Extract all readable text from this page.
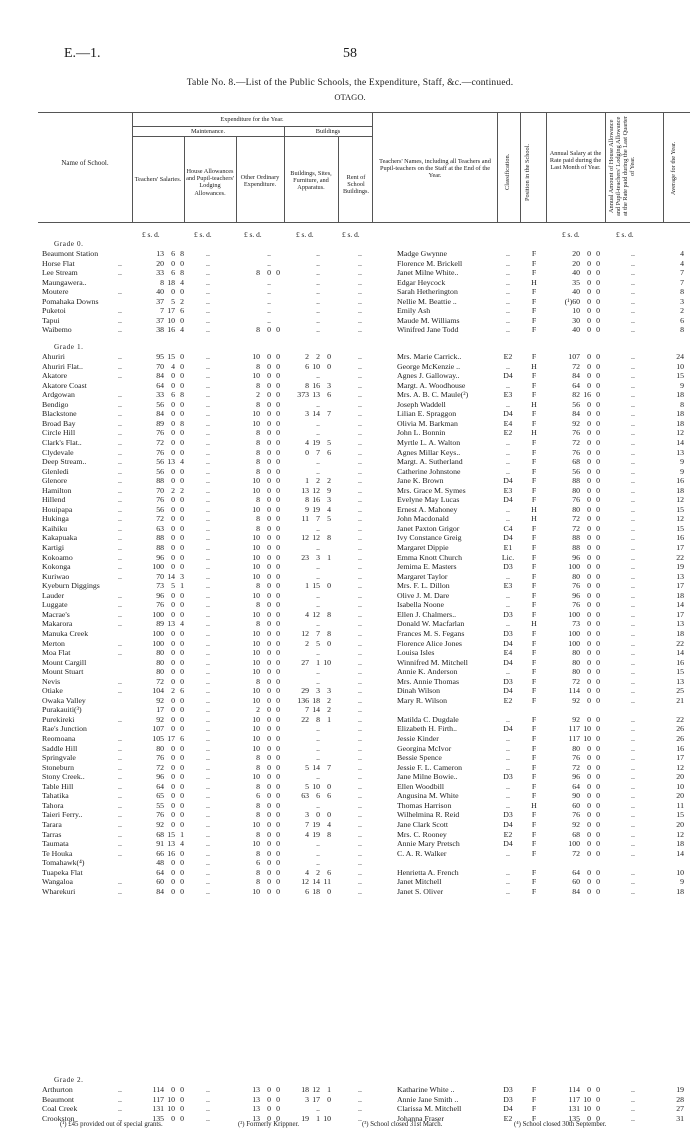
E.—1.	58
Table No. 8.—List of the Public Schools, the Expenditure, Staff, &c.—continued.
OTAGO.
Expenditure for the Year.
Maintenance.	Buildings
Name of School.
Teachers' Salaries.
House Allowances and Pupil-teachers' Lodging Allowances.
Other Ordinary Expenditure.
Buildings, Sites, Furniture, and Apparatus.
Rent of School Buildings.
Teachers' Names, including all Teachers and Pupil-teachers on the Staff at the End of the Year.	Classification.	Position in the School.	Annual Salary at the Rate paid during the Last Month of Year.	Annual Amount of House Allowance and Pupil-teachers' Lodging Allowance at the Rate paid during the Last Quarter of Year.	Average for the Year.
£ s. d.	£ s. d.	£ s. d.	£ s. d.	£ s. d.	£ s. d.	£ s. d.
Grade 0.
Beaumont Station	13 6 8	..	..	..	..	Madge Gwynne	..	F	20 0 0	..	4
Horse Flat	..	20 0 0	..	..	..	..	Florence M. Brickell	..	F	20 0 0	..	4
Lee Stream	..	33 6 8	..	8 0 0	..	..	Janet Milne White..	..	F	40 0 0	..	7
Maungawera..	8 18 4	..	..	..	..	Edgar Heycock	..	H	35 0 0	..	7
Moutere	..	40 0 0	..	..	..	..	Sarah Hetherington	..	F	40 0 0	..	8
Pomahaka Downs	37 5 2	..	..	..	..	Nellie M. Beattie ..	..	F	(¹)60 0 0	..	3
Puketoi	..	7 17 6	..	..	..	..	Emily Ash	..	F	10 0 0	..	2
Tapui	..	37 10 0	..	..	..	..	Maude M. Williams	..	F	30 0 0	..	6
Waibemo	..	38 16 4	..	8 0 0	..	..	Winifred Jane Todd	..	F	40 0 0	..	8
Grade 1.
Ahuriri	..	95 15 0	..	10 0 0	2 2 0	..	Mrs. Marie Carrick..	E2	F	107 0 0	..	24
Ahuriri Flat..	..	70 4 0	..	8 0 0	6 10 0	..	George McKenzie ..	..	H	72 0 0	..	10
Akatore	..	84 0 0	..	10 0 0	..	..	Agnes J. Galloway..	D4	F	84 0 0	..	15
Akatore Coast	64 0 0	..	8 0 0	8 16 3	..	Margt. A. Woodhouse	..	F	64 0 0	..	9
Ardgowan	..	33 6 8	..	2 0 0	373 13 6	..	Mrs. A. B. C. Maule(²)	E3	F	82 16 0	..	18
Bendigo	..	56 0 0	..	8 0 0	..	..	Joseph Waddell	..	H	56 0 0	..	8
Blackstone	..	84 0 0	..	10 0 0	3 14 7	..	Lilian E. Spraggon	D4	F	84 0 0	..	18
Broad Bay	..	89 0 8	..	10 0 0	..	..	Olivia M. Barkman	E4	F	92 0 0	..	18
Circle Hill	..	76 0 0	..	8 0 0	..	..	John L. Bonnin	E2	H	76 0 0	..	12
Clark's Flat..	..	72 0 0	..	8 0 0	4 19 5	..	Myrtle L. A. Walton	..	F	72 0 0	..	14
Clydevale	..	76 0 0	..	8 0 0	0 7 6	..	Agnes Millar Keys..	..	F	76 0 0	..	13
Deep Stream..	..	56 13 4	..	8 0 0	..	..	Margt. A. Sutherland	..	F	68 0 0	..	9
Glenledi	..	56 0 0	..	8 0 0	..	..	Catherine Johnstone	..	F	56 0 0	..	9
Glenore	..	88 0 0	..	10 0 0	1 2 2	..	Jane K. Brown	D4	F	88 0 0	..	16
Hamilton	..	70 2 2	..	10 0 0	13 12 9	..	Mrs. Grace M. Symes	E3	F	80 0 0	..	18
Hillend	..	76 0 0	..	8 0 0	8 16 3	..	Evelyne May Lucas	D4	F	76 0 0	..	12
Houipapa	..	56 0 0	..	10 0 0	9 19 4	..	Ernest A. Mahoney	..	H	80 0 0	..	15
Hukinga	..	72 0 0	..	8 0 0	11 7 5	..	John Macdonald	..	H	72 0 0	..	12
Kaihiku	..	63 0 0	..	8 0 0	..	..	Janet Paxton Grigor	C4	F	72 0 0	..	15
Kakapuaka	..	88 0 0	..	10 0 0	12 12 8	..	Ivy Constance Greig	D4	F	88 0 0	..	16
Kartigi	..	88 0 0	..	10 0 0	..	..	Margaret Dippie	E1	F	88 0 0	..	17
Kokoamo	..	96 0 0	..	10 0 0	23 3 1	..	Emma Knott Church	Lic.	F	96 0 0	..	22
Kokonga	..	100 0 0	..	10 0 0	..	..	Jemima E. Masters	D3	F	100 0 0	..	19
Kuriwao	..	70 14 3	..	10 0 0	..	..	Margaret Taylor	..	F	80 0 0	..	13
Kyeburn Diggings	73 5 1	..	8 0 0	1 15 0	..	Mrs. F. L. Dillon	E3	F	76 0 0	..	17
Lauder	..	96 0 0	..	10 0 0	..	..	Olive J. M. Dare	..	F	96 0 0	..	18
Luggate	..	76 0 0	..	8 0 0	..	..	Isabella Noone	..	F	76 0 0	..	14
Macrae's	..	100 0 0	..	10 0 0	4 12 8	..	Ellen J. Chalmers..	D3	F	100 0 0	..	17
Makarora	..	89 13 4	..	8 0 0	..	..	Donald W. Macfarlan	..	H	73 0 0	..	13
Manuka Creek	100 0 0	..	10 0 0	12 7 8	..	Frances M. S. Fegans	D3	F	100 0 0	..	18
Merton	..	100 0 0	..	10 0 0	2 5 0	..	Florence Alice Jones	D4	F	100 0 0	..	22
Moa Flat	..	80 0 0	..	10 0 0	..	..	Louisa Isles	E4	F	80 0 0	..	14
Mount Cargill	80 0 0	..	10 0 0	27 1 10	..	Winnifred M. Mitchell	D4	F	80 0 0	..	16
Mount Stuart	80 0 0	..	10 0 0	..	..	Annie K. Anderson	..	F	80 0 0	..	15
Nevis	..	72 0 0	..	8 0 0	..	..	Mrs. Annie Thomas	D3	F	72 0 0	..	13
Otiake	..	104 2 6	..	10 0 0	29 3 3	..	Dinah Wilson	D4	F	114 0 0	..	25
Owaka Valley	92 0 0	..	10 0 0	136 18 2	..	Mary R. Wilson	E2	F	92 0 0	..	21
Purakauiti(³)	17 0 0	..	2 0 0	7 14 2	..
Purekireki	..	92 0 0	..	10 0 0	22 8 1	..	Matilda C. Dugdale	..	F	92 0 0	..	22
Rae's Junction	107 0 0	..	10 0 0	..	..	Elizabeth H. Firth..	D4	F	117 10 0	..	26
Reomoana	..	105 17 6	..	10 0 0	..	..	Jessie Kinder	..	F	117 10 0	..	26
Saddle Hill	..	80 0 0	..	10 0 0	..	..	Georgina McIvor	..	F	80 0 0	..	16
Springvale	..	76 0 0	..	8 0 0	..	..	Bessie Spence	..	F	76 0 0	..	17
Stoneburn	..	72 0 0	..	8 0 0	5 14 7	..	Jessie F. L. Cameron	..	F	72 0 0	..	12
Stony Creek..	..	96 0 0	..	10 0 0	..	..	Jane Milne Bowie..	D3	F	96 0 0	..	20
Table Hill	..	64 0 0	..	8 0 0	5 10 0	..	Ellen Woodbill	..	F	64 0 0	..	10
Tahatika	..	65 0 0	..	6 0 0	63 6 6	..	Angusina M. White	..	F	90 0 0	..	20
Tahora	..	55 0 0	..	8 0 0	..	..	Thomas Harrison	..	H	60 0 0	..	11
Taieri Ferry..	..	76 0 0	..	8 0 0	3 0 0	..	Wilhelmina R. Reid	D3	F	76 0 0	..	15
Tarara	..	92 0 0	..	10 0 0	7 19 4	..	Jane Clark Scott	D4	F	92 0 0	..	20
Tarras	..	68 15 1	..	8 0 0	4 19 8	..	Mrs. C. Rooney	E2	F	68 0 0	..	12
Taumata	..	91 13 4	..	10 0 0	..	..	Annie Mary Pretsch	D4	F	100 0 0	..	18
Te Houka	..	66 16 0	..	8 0 0	..	..	C. A. R. Walker	..	F	72 0 0	..	14
Tomahawk(⁴)	48 0 0	..	6 0 0	..	..
Tuapeka Flat	64 0 0	..	8 0 0	4 2 6	..	Henrietta A. French	..	F	64 0 0	..	10
Wangaloa	..	60 0 0	..	8 0 0	12 14 11	..	Janet Mitchell	..	F	60 0 0	..	9
Wharekuri	..	84 0 0	..	10 0 0	6 18 0	..	Janet S. Oliver	..	F	84 0 0	..	18
Grade 2.
Arthurton	..	114 0 0	..	13 0 0	18 12 1	..	Katharine White ..	D3	F	114 0 0	..	19
Beaumont	..	117 10 0	..	13 0 0	3 17 0	..	Annie Jane Smith ..	D3	F	117 10 0	..	28
Coal Creek	..	131 10 0	..	13 0 0	..	..	Clarissa M. Mitchell	D4	F	131 10 0	..	27
Crookston	..	135 0 0	..	13 0 0	19 1 10	..	Johanna Fraser	E2	F	135 0 0	..	31
(¹) £45 provided out of special grants.	(²) Formerly Krippner.	(³) School closed 31st March.	(⁴) School closed 30th September.
